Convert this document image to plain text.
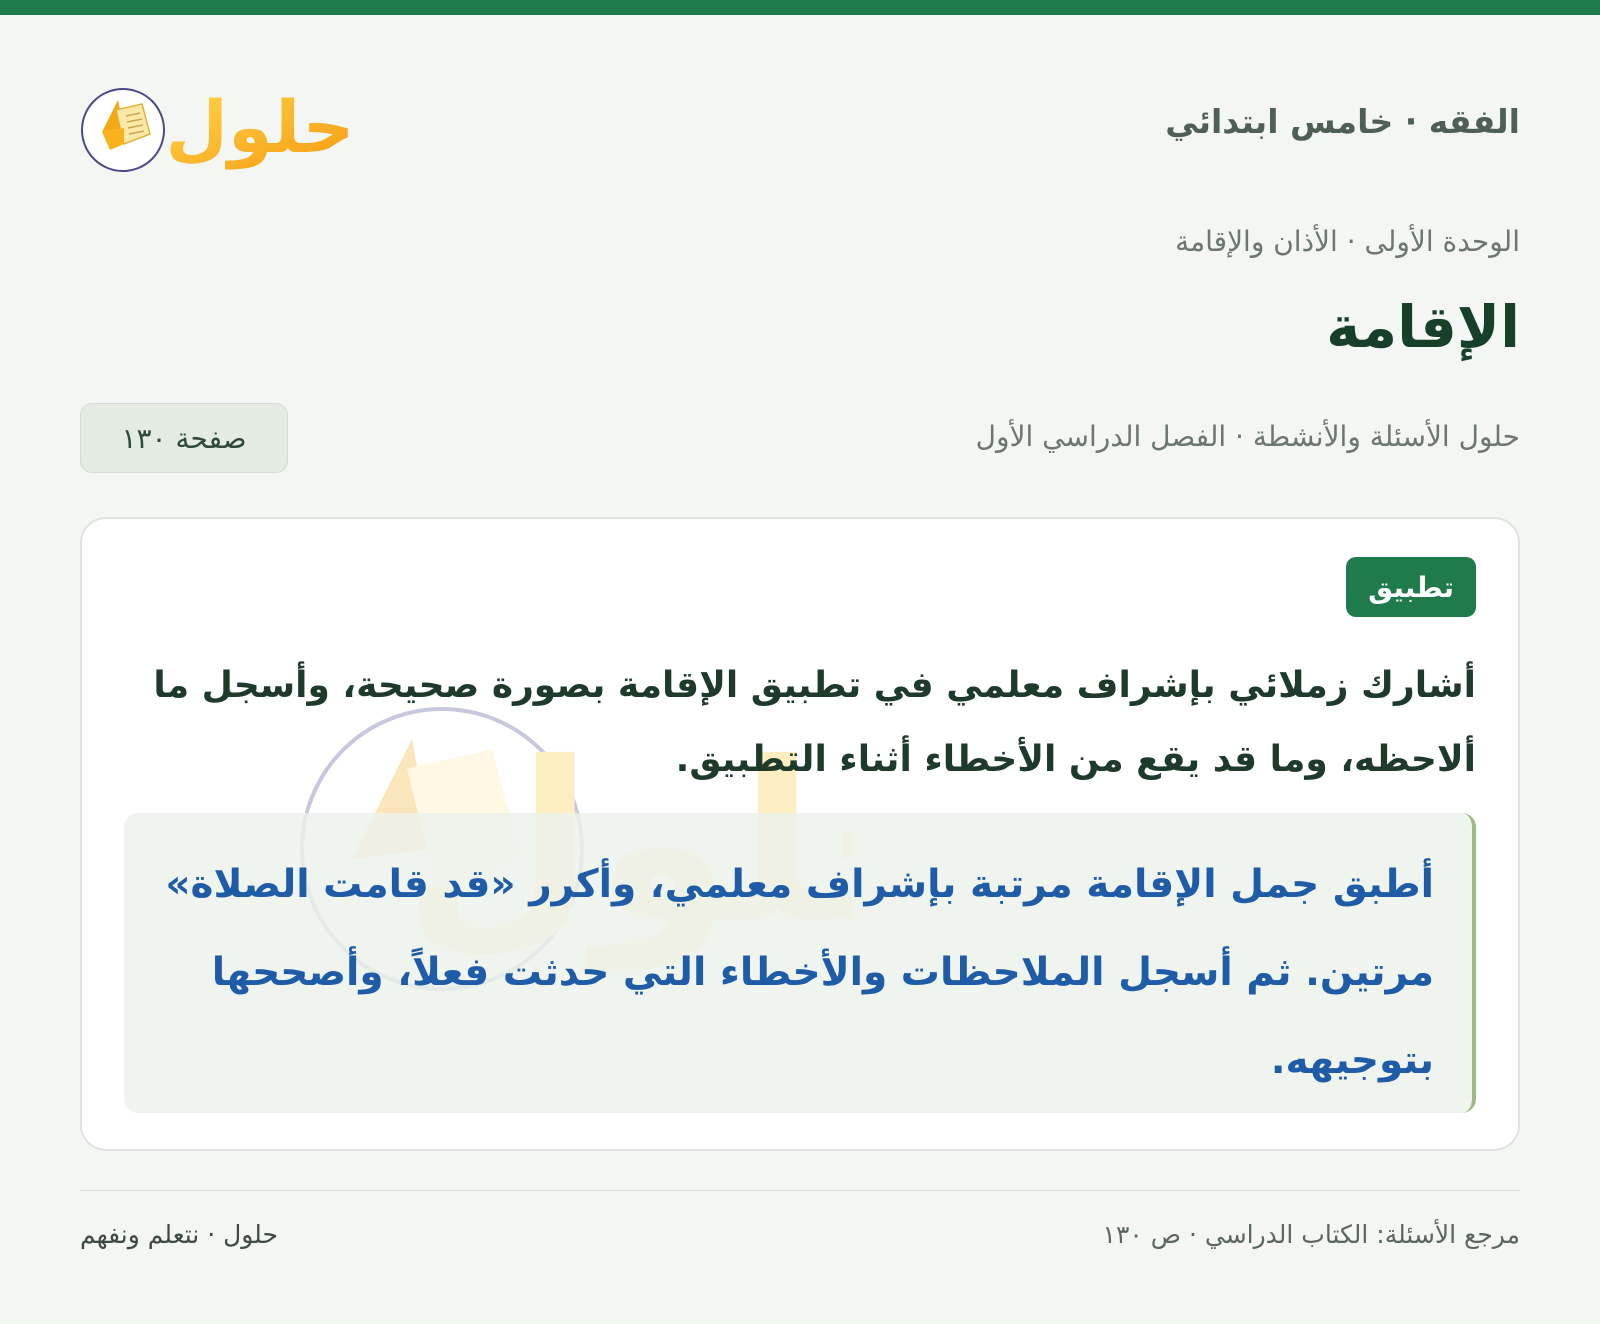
الفقه · خامس ابتدائي
حلول
الوحدة الأولى · الأذان والإقامة
الإقامة
حلول الأسئلة والأنشطة · الفصل الدراسي الأول
صفحة ١٣٠
تطبيق

أشارك زملائي بإشراف معلمي في تطبيق الإقامة بصورة صحيحة، وأسجل ما ألاحظه، وما قد يقع من الأخطاء أثناء التطبيق.

أطبق جمل الإقامة مرتبة بإشراف معلمي، وأكرر «قد قامت الصلاة» مرتين. ثم أسجل الملاحظات والأخطاء التي حدثت فعلاً، وأصححها بتوجيهه.

مرجع الأسئلة: الكتاب الدراسي · ص ١٣٠
حلول · نتعلم ونفهم
